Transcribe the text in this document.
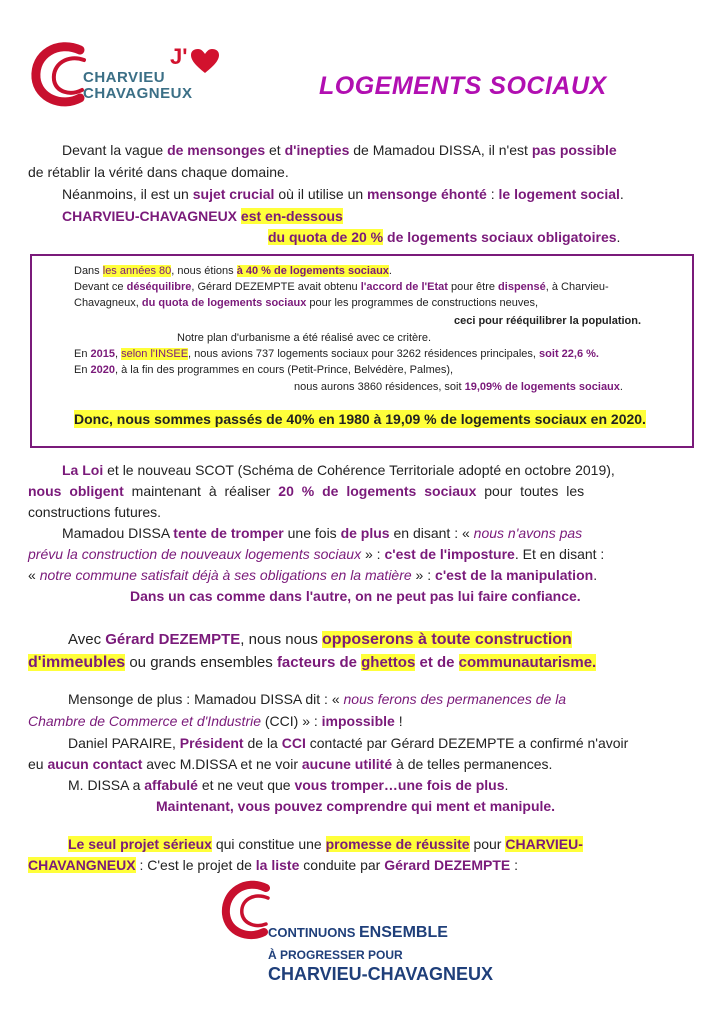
J'
CHARVIEU
CHAVAGNEUX	LOGEMENTS SOCIAUX
Devant la vague de mensonges et d'inepties de Mamadou DISSA, il n'est pas possible
de rétablir la vérité dans chaque domaine.
Néanmoins, il est un sujet crucial où il utilise un mensonge éhonté : le logement social.
CHARVIEU-CHAVAGNEUX est en-dessous
du quota de 20 % de logements sociaux obligatoires.
Dans les années 80, nous étions à 40 % de logements sociaux.
Devant ce déséquilibre, Gérard DEZEMPTE avait obtenu l'accord de l'Etat pour être dispensé, à Charvieu-
Chavagneux, du quota de logements sociaux pour les programmes de constructions neuves,
ceci pour rééquilibrer la population.
Notre plan d'urbanisme a été réalisé avec ce critère.
En 2015, selon l'INSEE, nous avions 737 logements sociaux pour 3262 résidences principales, soit 22,6 %.
En 2020, à la fin des programmes en cours (Petit-Prince, Belvédère, Palmes),
nous aurons 3860 résidences, soit 19,09% de logements sociaux.
Donc, nous sommes passés de 40% en 1980 à 19,09 % de logements sociaux en 2020.
La Loi et le nouveau SCOT (Schéma de Cohérence Territoriale adopté en octobre 2019),
nous obligent maintenant à réaliser 20 % de logements sociaux pour toutes les
constructions futures.
Mamadou DISSA tente de tromper une fois de plus en disant : « nous n'avons pas
prévu la construction de nouveaux logements sociaux » : c'est de l'imposture. Et en disant :
« notre commune satisfait déjà à ses obligations en la matière » : c'est de la manipulation.
Dans un cas comme dans l'autre, on ne peut pas lui faire confiance.
Avec Gérard DEZEMPTE, nous nous opposerons à toute construction
d'immeubles ou grands ensembles facteurs de ghettos et de communautarisme.
Mensonge de plus : Mamadou DISSA dit : « nous ferons des permanences de la
Chambre de Commerce et d'Industrie (CCI) » : impossible !
Daniel PARAIRE, Président de la CCI contacté par Gérard DEZEMPTE a confirmé n'avoir
eu aucun contact avec M.DISSA et ne voir aucune utilité à de telles permanences.
M. DISSA a affabulé et ne veut que vous tromper…une fois de plus.
Maintenant, vous pouvez comprendre qui ment et manipule.
Le seul projet sérieux qui constitue une promesse de réussite pour CHARVIEU-
CHAVANGNEUX : C'est le projet de la liste conduite par Gérard DEZEMPTE :
CONTINUONS ENSEMBLE
À PROGRESSER POUR
CHARVIEU-CHAVAGNEUX
